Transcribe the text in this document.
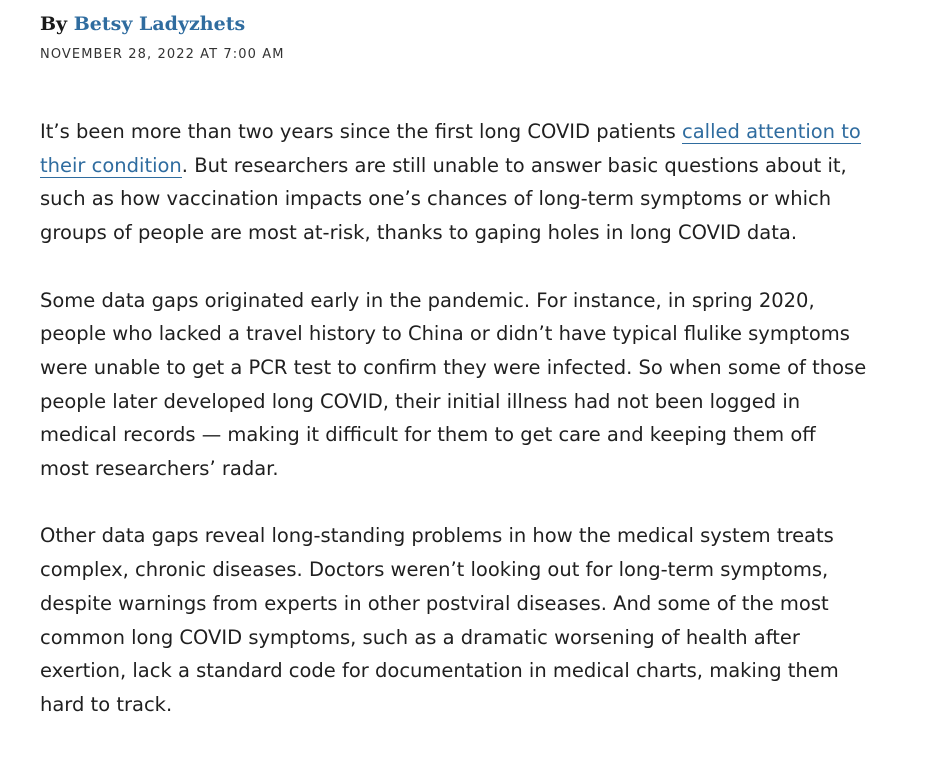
By Betsy Ladyzhets
NOVEMBER 28, 2022 AT 7:00 AM

It’s been more than two years since the first long COVID patients called attention to their condition. But researchers are still unable to answer basic questions about it, such as how vaccination impacts one’s chances of long-term symptoms or which groups of people are most at-risk, thanks to gaping holes in long COVID data.

Some data gaps originated early in the pandemic. For instance, in spring 2020, people who lacked a travel history to China or didn’t have typical flulike symptoms were unable to get a PCR test to confirm they were infected. So when some of those people later developed long COVID, their initial illness had not been logged in medical records — making it difficult for them to get care and keeping them off most researchers’ radar.

Other data gaps reveal long-standing problems in how the medical system treats complex, chronic diseases. Doctors weren’t looking out for long-term symptoms, despite warnings from experts in other postviral diseases. And some of the most common long COVID symptoms, such as a dramatic worsening of health after exertion, lack a standard code for documentation in medical charts, making them hard to track.
